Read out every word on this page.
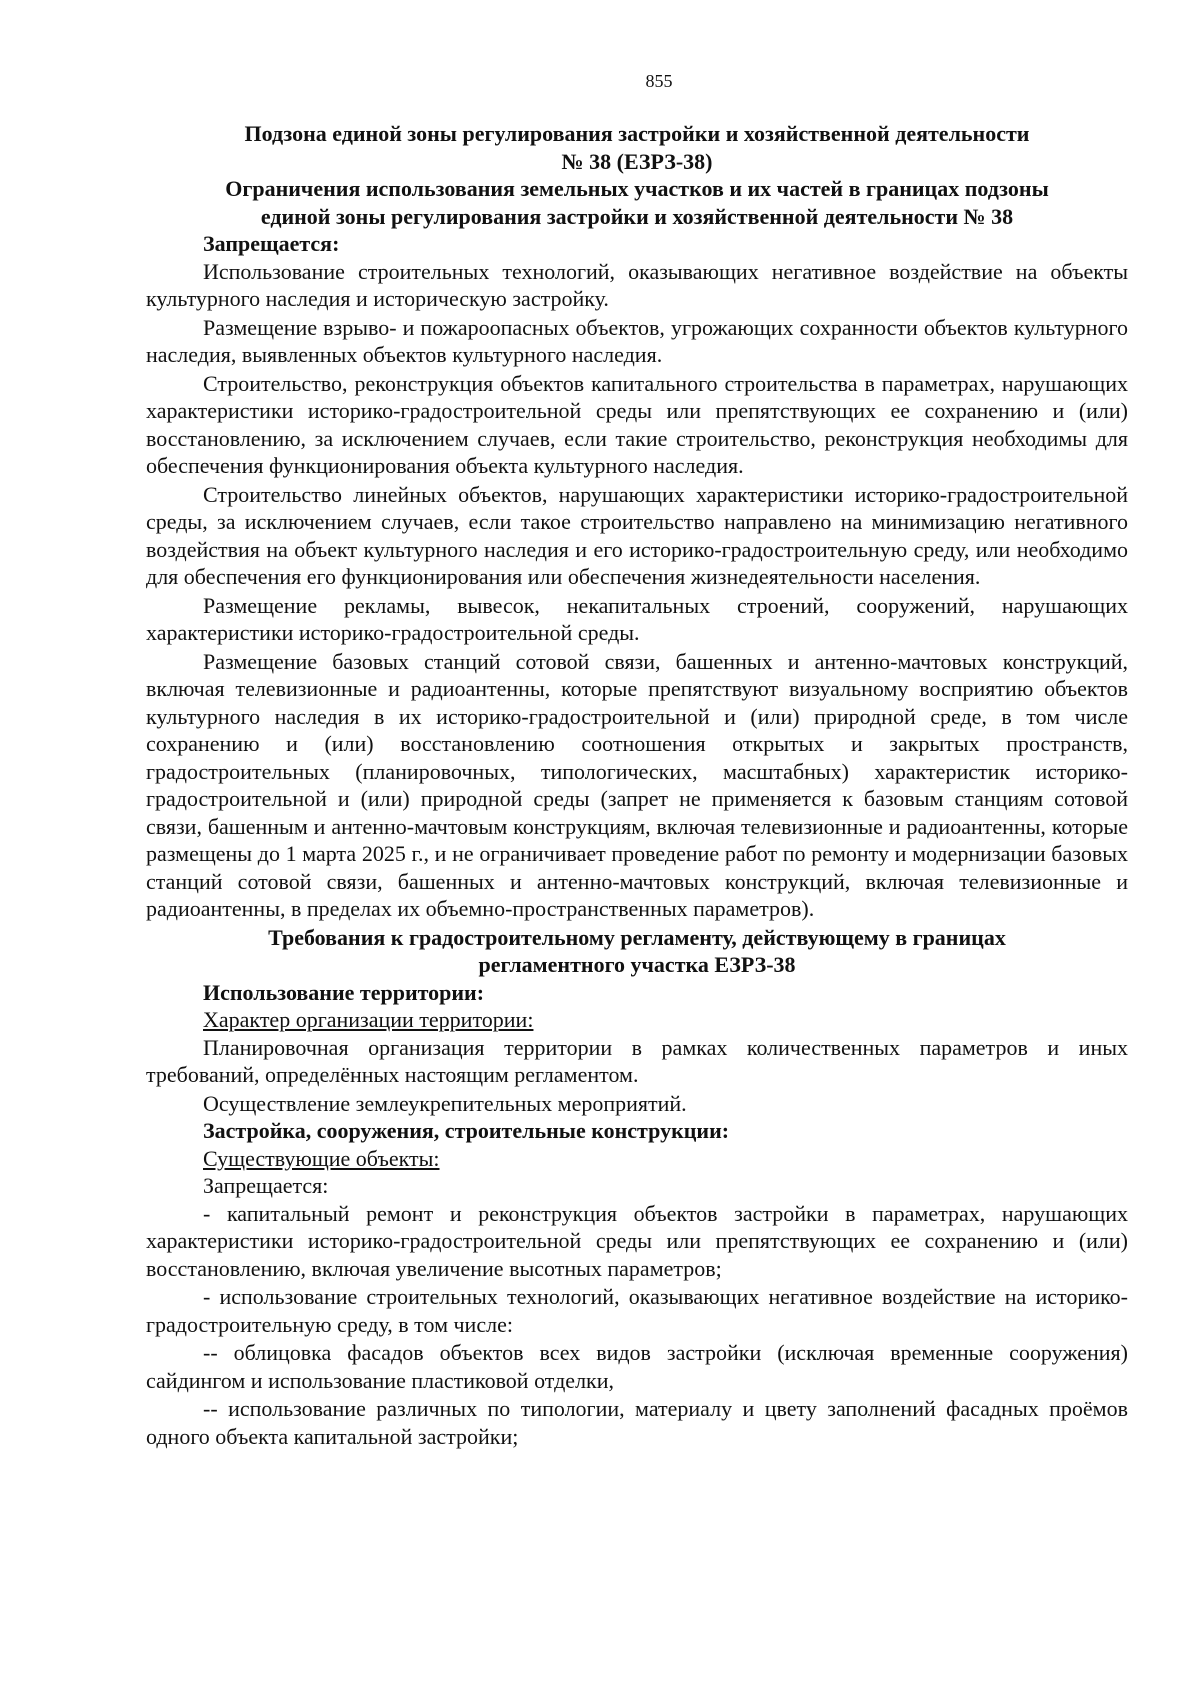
855

Подзона единой зоны регулирования застройки и хозяйственной деятельности

№ 38 (ЕЗРЗ-38)

Ограничения использования земельных участков и их частей в границах подзоны

единой зоны регулирования застройки и хозяйственной деятельности № 38

Запрещается:

Использование строительных технологий, оказывающих негативное воздействие на объекты культурного наследия и историческую застройку.

Размещение взрыво- и пожароопасных объектов, угрожающих сохранности объектов культурного наследия, выявленных объектов культурного наследия.

Строительство, реконструкция объектов капитального строительства в параметрах, нарушающих характеристики историко-градостроительной среды или препятствующих ее сохранению и (или) восстановлению, за исключением случаев, если такие строительство, реконструкция необходимы для обеспечения функционирования объекта культурного наследия.

Строительство линейных объектов, нарушающих характеристики историко-градостроительной среды, за исключением случаев, если такое строительство направлено на минимизацию негативного воздействия на объект культурного наследия и его историко-градостроительную среду, или необходимо для обеспечения его функционирования или обеспечения жизнедеятельности населения.

Размещение рекламы, вывесок, некапитальных строений, сооружений, нарушающих характеристики историко-градостроительной среды.

Размещение базовых станций сотовой связи, башенных и антенно-мачтовых конструкций, включая телевизионные и радиоантенны, которые препятствуют визуальному восприятию объектов культурного наследия в их историко-градостроительной и (или) природной среде, в том числе сохранению и (или) восстановлению соотношения открытых и закрытых пространств, градостроительных (планировочных, типологических, масштабных) характеристик историко-градостроительной и (или) природной среды (запрет не применяется к базовым станциям сотовой связи, башенным и антенно-мачтовым конструкциям, включая телевизионные и радиоантенны, которые размещены до 1 марта 2025 г., и не ограничивает проведение работ по ремонту и модернизации базовых станций сотовой связи, башенных и антенно-мачтовых конструкций, включая телевизионные и радиоантенны, в пределах их объемно-пространственных параметров).

Требования к градостроительному регламенту, действующему в границах

регламентного участка ЕЗРЗ-38

Использование территории:

Характер организации территории:

Планировочная организация территории в рамках количественных параметров и иных требований, определённых настоящим регламентом.

Осуществление землеукрепительных мероприятий.

Застройка, сооружения, строительные конструкции:

Существующие объекты:

Запрещается:

- капитальный ремонт и реконструкция объектов застройки в параметрах, нарушающих характеристики историко-градостроительной среды или препятствующих ее сохранению и (или) восстановлению, включая увеличение высотных параметров;

- использование строительных технологий, оказывающих негативное воздействие на историко-градостроительную среду, в том числе:

-- облицовка фасадов объектов всех видов застройки (исключая временные сооружения) сайдингом и использование пластиковой отделки,

-- использование различных по типологии, материалу и цвету заполнений фасадных проёмов одного объекта капитальной застройки;
